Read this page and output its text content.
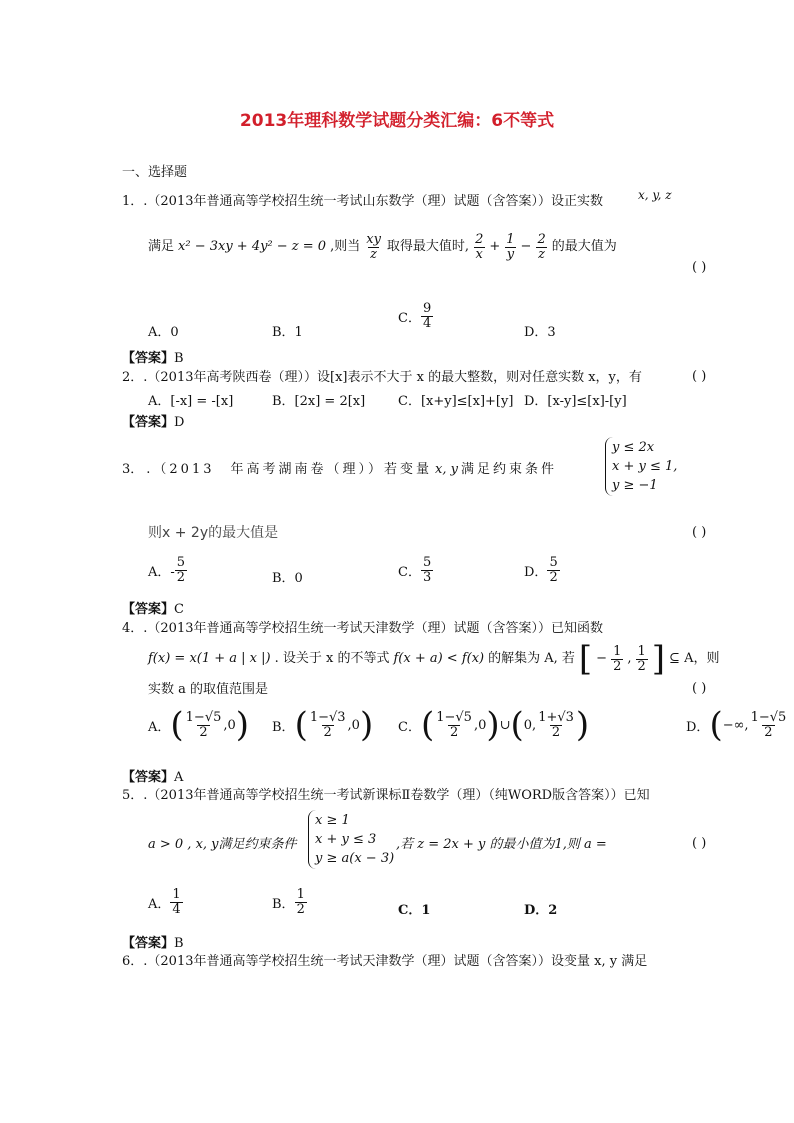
2013年理科数学试题分类汇编：6不等式
一、选择题
1．.（2013年普通高等学校招生统一考试山东数学（理）试题（含答案））设正实数	x, y, z
满足 x² − 3xy + 4y² − z = 0 ,则当 $\frac{xy}{z}$ 取得最大值时, $\frac{2}{x} + \frac{1}{y} - \frac{2}{z}$ 的最大值为
( )
A．0	B．1
C． $\frac{9}{4}$
D．3
【答案】B
2．.（2013年高考陕西卷（理））设[x]表示不大于 x 的最大整数，则对任意实数 x，y，有	( )
A．[-x] = -[x]	B．[2x] = 2[x]	C．[x+y]≤[x]+[y] D．[x-y]≤[x]-[y]
【答案】D
3． .（2013　年高考湖南卷（理））若变量 x, y 满足约束条件
y ≤ 2x
x + y ≤ 1,
y ≥ −1
则x + 2y的最大值是	( )
A．- $\frac{5}{2}$	B．0	C． $\frac{5}{3}$	D． $\frac{5}{2}$
【答案】C
4．.（2013年普通高等学校招生统一考试天津数学（理）试题（含答案））已知函数
f(x) = x(1 + a | x |) . 设关于 x 的不等式 f(x + a) < f(x) 的解集为 A, 若 [ − $\frac{1}{2}$ , $\frac{1}{2}$ ] ⊆ A，则
实数 a 的取值范围是	( )
A． ( $\frac{1-√5}{2} ,0$ ) B． ( $\frac{1-√3}{2} ,0$ ) C． ( $\frac{1-√5}{2} ,0$ ) ∪ ( 0, $\frac{1+√3}{2}$ )	D． ( −∞, $\frac{1-√5}{2}$
【答案】A
5．.（2013年普通高等学校招生统一考试新课标Ⅱ卷数学（理）（纯WORD版含答案））已知
a > 0 , x, y满足约束条件
x ≥ 1
x + y ≤ 3
y ≥ a(x − 3)
,若 z = 2x + y 的最小值为1,则 a =	( )
A． $\frac{1}{4}$	B． $\frac{1}{2}$	C．1	D．2
【答案】B
6．.（2013年普通高等学校招生统一考试天津数学（理）试题（含答案））设变量 x, y 满足
